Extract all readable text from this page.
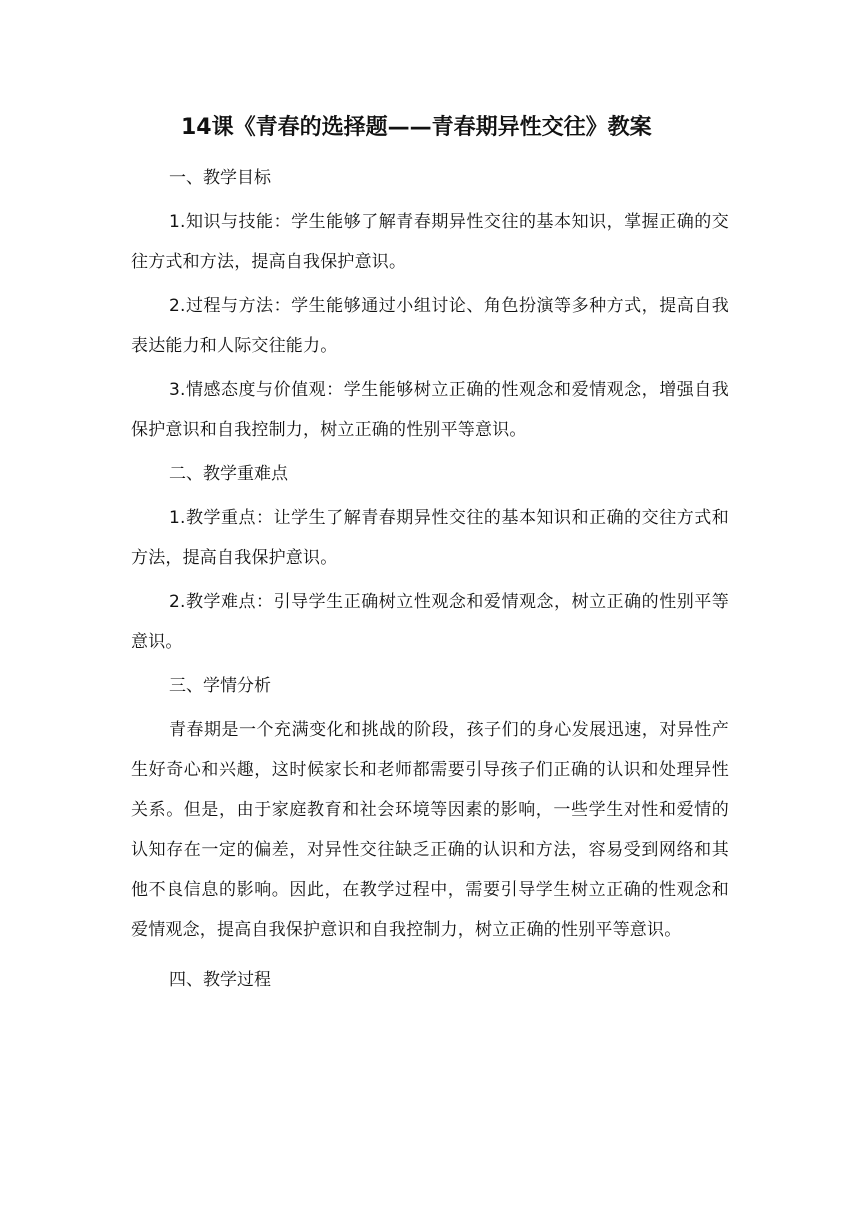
14课《青春的选择题——青春期异性交往》教案
一、教学目标

1.知识与技能：学生能够了解青春期异性交往的基本知识，掌握正确的交往方式和方法，提高自我保护意识。

2.过程与方法：学生能够通过小组讨论、角色扮演等多种方式，提高自我表达能力和人际交往能力。

3.情感态度与价值观：学生能够树立正确的性观念和爱情观念，增强自我保护意识和自我控制力，树立正确的性别平等意识。

二、教学重难点

1.教学重点：让学生了解青春期异性交往的基本知识和正确的交往方式和方法，提高自我保护意识。

2.教学难点：引导学生正确树立性观念和爱情观念，树立正确的性别平等意识。

三、学情分析

青春期是一个充满变化和挑战的阶段，孩子们的身心发展迅速，对异性产生好奇心和兴趣，这时候家长和老师都需要引导孩子们正确的认识和处理异性关系。但是，由于家庭教育和社会环境等因素的影响，一些学生对性和爱情的认知存在一定的偏差，对异性交往缺乏正确的认识和方法，容易受到网络和其他不良信息的影响。因此，在教学过程中，需要引导学生树立正确的性观念和爱情观念，提高自我保护意识和自我控制力，树立正确的性别平等意识。

四、教学过程
